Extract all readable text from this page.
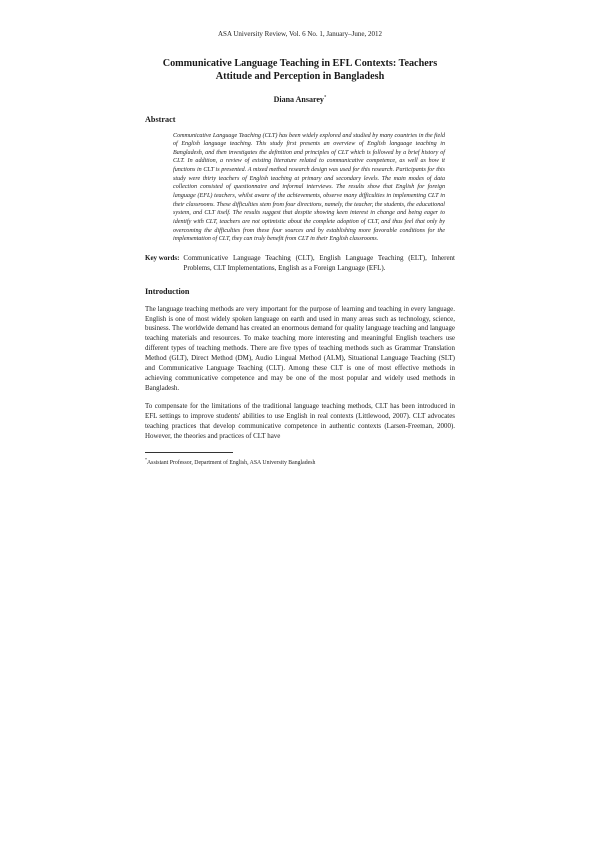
ASA University Review, Vol. 6 No. 1, January–June, 2012
Communicative Language Teaching in EFL Contexts: Teachers
Attitude and Perception in Bangladesh
Diana Ansarey*
Abstract
Communicative Language Teaching (CLT) has been widely explored and studied by many countries in the field of English language teaching. This study first presents an overview of English language teaching in Bangladesh, and then investigates the definition and principles of CLT which is followed by a brief history of CLT. In addition, a review of existing literature related to communicative competence, as well as how it functions in CLT is presented. A mixed method research design was used for this research. Participants for this study were thirty teachers of English teaching at primary and secondary levels. The main modes of data collection consisted of questionnaire and informal interviews. The results show that English for foreign language (EFL) teachers, whilst aware of the achievements, observe many difficulties in implementing CLT in their classrooms. These difficulties stem from four directions, namely, the teacher, the students, the educational system, and CLT itself. The results suggest that despite showing keen interest in change and being eager to identify with CLT, teachers are not optimistic about the complete adoption of CLT, and thus feel that only by overcoming the difficulties from these four sources and by establishing more favorable conditions for the implementation of CLT, they can truly benefit from CLT in their English classrooms.
Key words: Communicative Language Teaching (CLT), English Language Teaching (ELT), Inherent Problems, CLT Implementations, English as a Foreign Language (EFL).
Introduction
The language teaching methods are very important for the purpose of learning and teaching in every language. English is one of most widely spoken language on earth and used in many areas such as technology, science, business. The worldwide demand has created an enormous demand for quality language teaching and language teaching materials and resources. To make teaching more interesting and meaningful English teachers use different types of teaching methods. There are five types of teaching methods such as Grammar Translation Method (GLT), Direct Method (DM), Audio Lingual Method (ALM), Situational Language Teaching (SLT) and Communicative Language Teaching (CLT). Among these CLT is one of most effective methods in achieving communicative competence and may be one of the most popular and widely used methods in Bangladesh.
To compensate for the limitations of the traditional language teaching methods, CLT has been introduced in EFL settings to improve students' abilities to use English in real contexts (Littlewood, 2007). CLT advocates teaching practices that develop communicative competence in authentic contexts (Larsen-Freeman, 2000). However, the theories and practices of CLT have
*Assistant Professor, Department of English, ASA University Bangladesh
